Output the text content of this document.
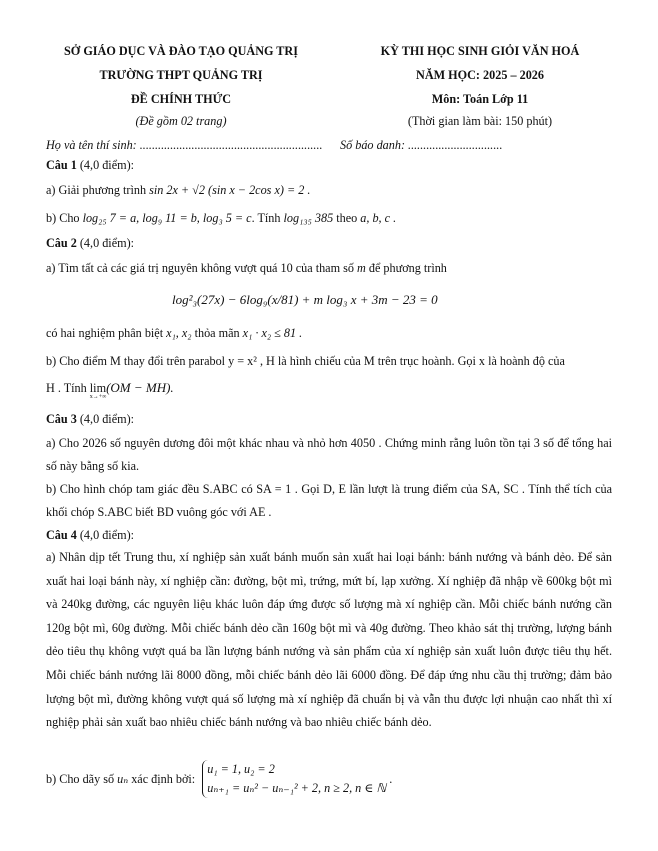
SỞ GIÁO DỤC VÀ ĐÀO TẠO QUẢNG TRỊ
TRƯỜNG THPT QUẢNG TRỊ
ĐỀ CHÍNH THỨC
(Đề gồm 02 trang)
KỲ THI HỌC SINH GIỎI VĂN HOÁ
NĂM HỌC: 2025 – 2026
Môn: Toán Lớp 11
(Thời gian làm bài: 150 phút)
Họ và tên thí sinh: ............................................................ Số báo danh: ...............................
Câu 1 (4,0 điểm):
a) Giải phương trình sin 2x + √2 (sin x − 2cos x) = 2 .
b) Cho log₂₅ 7 = a, log₉ 11 = b, log₃ 5 = c. Tính log₁₃₅ 385 theo a, b, c .
Câu 2 (4,0 điểm):
a) Tìm tất cả các giá trị nguyên không vượt quá 10 của tham số m để phương trình
log²₃(27x) − 6log₉(x/81) + m log₃ x + 3m − 23 = 0
có hai nghiệm phân biệt x₁, x₂ thỏa mãn x₁ · x₂ ≤ 81 .
b) Cho điểm M thay đổi trên parabol y = x² , H là hình chiếu của M trên trục hoành. Gọi x là hoành độ của
H . Tính lim
x→+∞
(OM − MH).
Câu 3 (4,0 điểm):
a) Cho 2026 số nguyên dương đôi một khác nhau và nhỏ hơn 4050 . Chứng minh rằng luôn tồn tại 3 số để tổng hai số này bằng số kia.
b) Cho hình chóp tam giác đều S.ABC có SA = 1 . Gọi D, E lần lượt là trung điểm của SA, SC . Tính thể tích của khối chóp S.ABC biết BD vuông góc với AE .
Câu 4 (4,0 điểm):
a) Nhân dịp tết Trung thu, xí nghiệp sản xuất bánh muốn sản xuất hai loại bánh: bánh nướng và bánh dẻo. Để sản xuất hai loại bánh này, xí nghiệp cần: đường, bột mì, trứng, mứt bí, lạp xưởng. Xí nghiệp đã nhập về 600kg bột mì và 240kg đường, các nguyên liệu khác luôn đáp ứng được số lượng mà xí nghiệp cần. Mỗi chiếc bánh nướng cần 120g bột mì, 60g đường. Mỗi chiếc bánh dẻo cần 160g bột mì và 40g đường. Theo khảo sát thị trường, lượng bánh dẻo tiêu thụ không vượt quá ba lần lượng bánh nướng và sản phẩm của xí nghiệp sản xuất luôn được tiêu thụ hết. Mỗi chiếc bánh nướng lãi 8000 đồng, mỗi chiếc bánh dẻo lãi 6000 đồng. Để đáp ứng nhu cầu thị trường; đảm bảo lượng bột mì, đường không vượt quá số lượng mà xí nghiệp đã chuẩn bị và vẫn thu được lợi nhuận cao nhất thì xí nghiệp phải sản xuất bao nhiêu chiếc bánh nướng và bao nhiêu chiếc bánh dẻo.
b) Cho dãy số uₙ xác định bởi:
u₁ = 1, u₂ = 2
uₙ₊₁ = uₙ² − uₙ₋₁² + 2, n ≥ 2, n ∈ ℕ
.
